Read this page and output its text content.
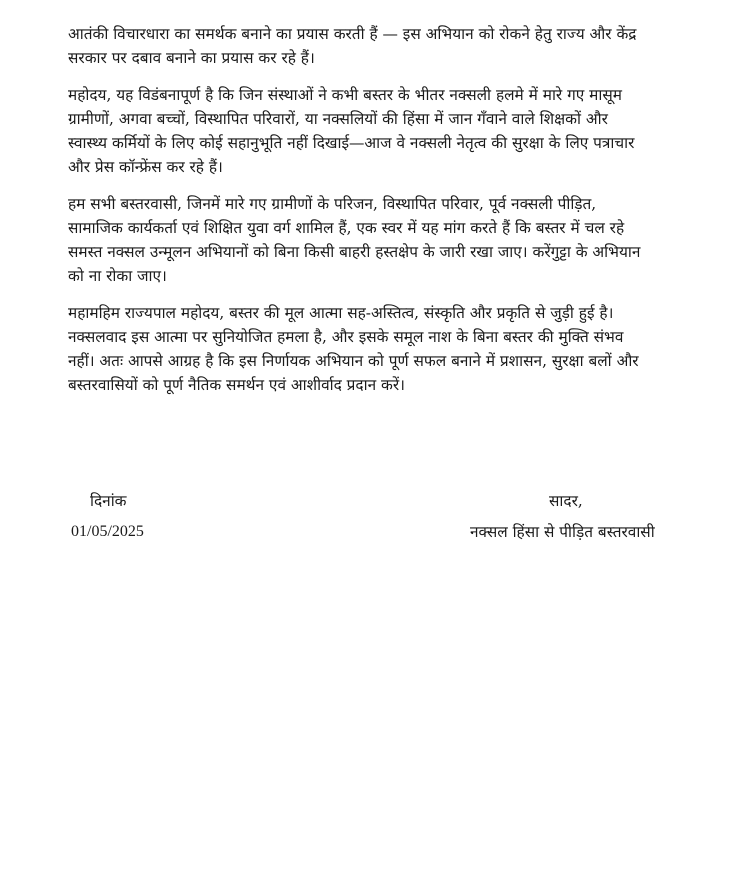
आतंकी विचारधारा का समर्थक बनाने का प्रयास करती हैं — इस अभियान को रोकने हेतु राज्य और केंद्र
सरकार पर दबाव बनाने का प्रयास कर रहे हैं।

महोदय, यह विडंबनापूर्ण है कि जिन संस्थाओं ने कभी बस्तर के भीतर नक्सली हलमे में मारे गए मासूम
ग्रामीणों, अगवा बच्चों, विस्थापित परिवारों, या नक्सलियों की हिंसा में जान गँवाने वाले शिक्षकों और
स्वास्थ्य कर्मियों के लिए कोई सहानुभूति नहीं दिखाई—आज वे नक्सली नेतृत्व की सुरक्षा के लिए पत्राचार
और प्रेस कॉन्फ्रेंस कर रहे हैं।

हम सभी बस्तरवासी, जिनमें मारे गए ग्रामीणों के परिजन, विस्थापित परिवार, पूर्व नक्सली पीड़ित,
सामाजिक कार्यकर्ता एवं शिक्षित युवा वर्ग शामिल हैं, एक स्वर में यह मांग करते हैं कि बस्तर में चल रहे
समस्त नक्सल उन्मूलन अभियानों को बिना किसी बाहरी हस्तक्षेप के जारी रखा जाए। करेंगुट्टा के अभियान
को ना रोका जाए।

महामहिम राज्यपाल महोदय, बस्तर की मूल आत्मा सह-अस्तित्व, संस्कृति और प्रकृति से जुड़ी हुई है।
नक्सलवाद इस आत्मा पर सुनियोजित हमला है, और इसके समूल नाश के बिना बस्तर की मुक्ति संभव
नहीं। अतः आपसे आग्रह है कि इस निर्णायक अभियान को पूर्ण सफल बनाने में प्रशासन, सुरक्षा बलों और
बस्तरवासियों को पूर्ण नैतिक समर्थन एवं आशीर्वाद प्रदान करें।

दिनांक
01/05/2025
सादर,
नक्सल हिंसा से पीड़ित बस्तरवासी
